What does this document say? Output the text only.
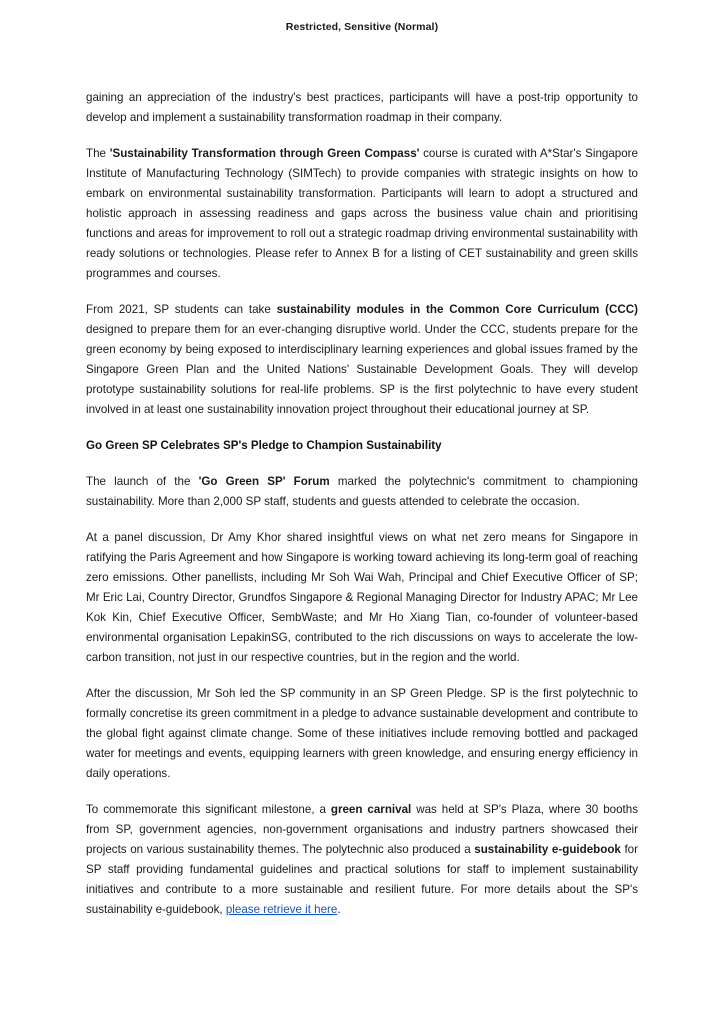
Restricted, Sensitive (Normal)

gaining an appreciation of the industry's best practices, participants will have a post-trip opportunity to develop and implement a sustainability transformation roadmap in their company.

The 'Sustainability Transformation through Green Compass' course is curated with A*Star's Singapore Institute of Manufacturing Technology (SIMTech) to provide companies with strategic insights on how to embark on environmental sustainability transformation. Participants will learn to adopt a structured and holistic approach in assessing readiness and gaps across the business value chain and prioritising functions and areas for improvement to roll out a strategic roadmap driving environmental sustainability with ready solutions or technologies. Please refer to Annex B for a listing of CET sustainability and green skills programmes and courses.

From 2021, SP students can take sustainability modules in the Common Core Curriculum (CCC) designed to prepare them for an ever-changing disruptive world. Under the CCC, students prepare for the green economy by being exposed to interdisciplinary learning experiences and global issues framed by the Singapore Green Plan and the United Nations' Sustainable Development Goals. They will develop prototype sustainability solutions for real-life problems. SP is the first polytechnic to have every student involved in at least one sustainability innovation project throughout their educational journey at SP.

Go Green SP Celebrates SP's Pledge to Champion Sustainability

The launch of the 'Go Green SP' Forum marked the polytechnic's commitment to championing sustainability. More than 2,000 SP staff, students and guests attended to celebrate the occasion.

At a panel discussion, Dr Amy Khor shared insightful views on what net zero means for Singapore in ratifying the Paris Agreement and how Singapore is working toward achieving its long-term goal of reaching zero emissions. Other panellists, including Mr Soh Wai Wah, Principal and Chief Executive Officer of SP; Mr Eric Lai, Country Director, Grundfos Singapore & Regional Managing Director for Industry APAC; Mr Lee Kok Kin, Chief Executive Officer, SembWaste; and Mr Ho Xiang Tian, co-founder of volunteer-based environmental organisation LepakinSG, contributed to the rich discussions on ways to accelerate the low-carbon transition, not just in our respective countries, but in the region and the world.

After the discussion, Mr Soh led the SP community in an SP Green Pledge. SP is the first polytechnic to formally concretise its green commitment in a pledge to advance sustainable development and contribute to the global fight against climate change. Some of these initiatives include removing bottled and packaged water for meetings and events, equipping learners with green knowledge, and ensuring energy efficiency in daily operations.

To commemorate this significant milestone, a green carnival was held at SP's Plaza, where 30 booths from SP, government agencies, non-government organisations and industry partners showcased their projects on various sustainability themes. The polytechnic also produced a sustainability e-guidebook for SP staff providing fundamental guidelines and practical solutions for staff to implement sustainability initiatives and contribute to a more sustainable and resilient future. For more details about the SP's sustainability e-guidebook, please retrieve it here.
